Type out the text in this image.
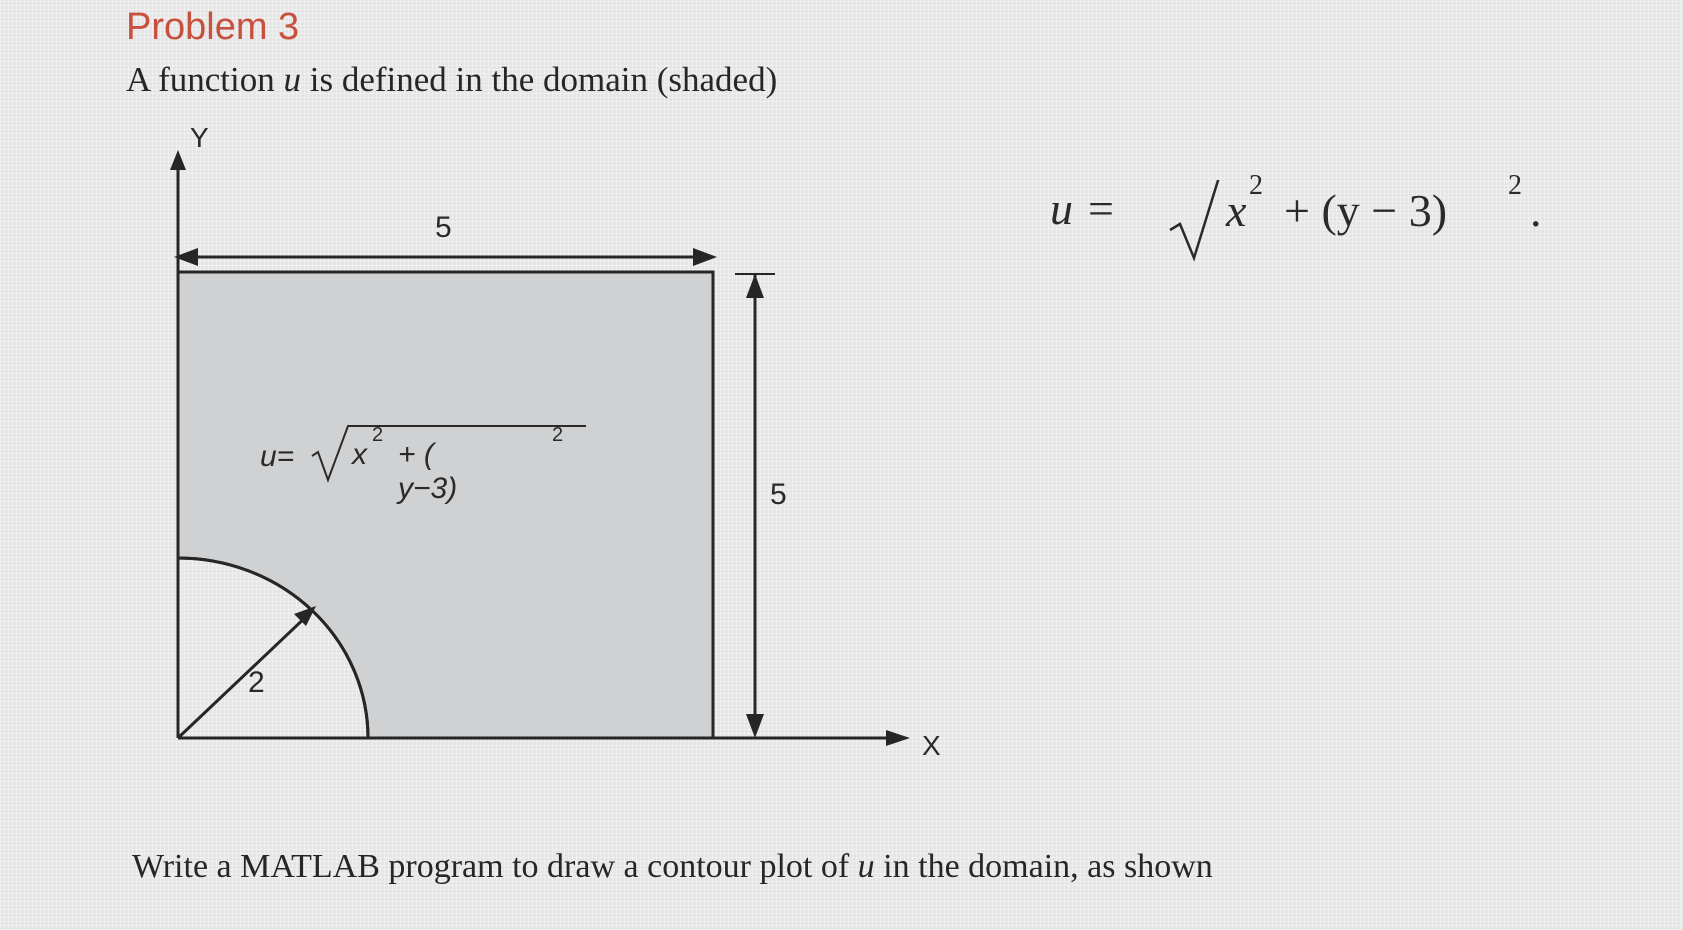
Problem 3
A function u is defined in the domain (shaded)
u = x 2 + (y − 3) 2 .
Y
X
5
5
2
u= x
2
+ ( y−3)
2
Write a MATLAB program to draw a contour plot of u in the domain, as shown
